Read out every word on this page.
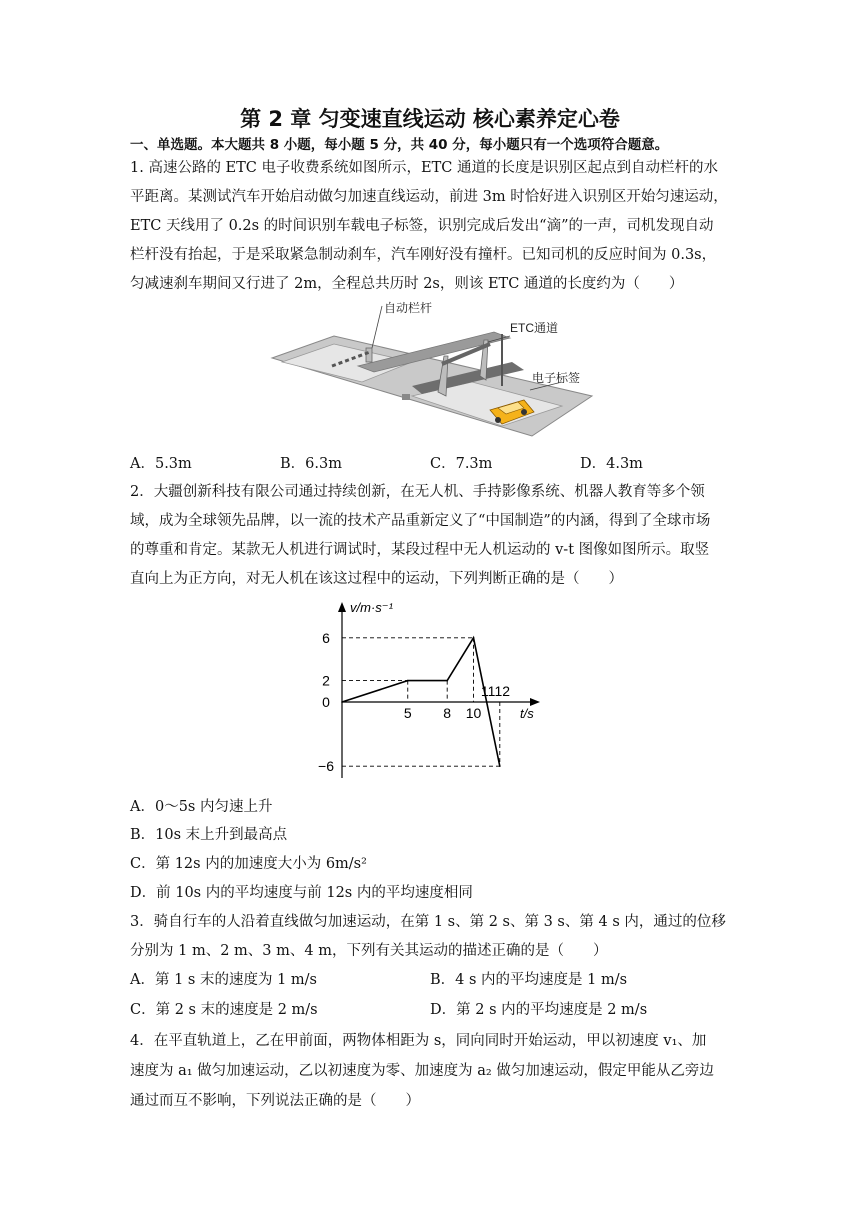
第 2 章 匀变速直线运动 核心素养定心卷
一、单选题。本大题共 8 小题，每小题 5 分，共 40 分，每小题只有一个选项符合题意。
1. 高速公路的 ETC 电子收费系统如图所示，ETC 通道的长度是识别区起点到自动栏杆的水
平距离。某测试汽车开始启动做匀加速直线运动，前进 3m 时恰好进入识别区开始匀速运动，
ETC 天线用了 0.2s 的时间识别车载电子标签，识别完成后发出“滴”的一声，司机发现自动
栏杆没有抬起，于是采取紧急制动刹车，汽车刚好没有撞杆。已知司机的反应时间为 0.3s，
匀减速刹车期间又行进了 2m，全程总共历时 2s，则该 ETC 通道的长度约为（　　）
自动栏杆
ETC通道
电子标签
A．5.3m	B．6.3m	C．7.3m	D．4.3m
2．大疆创新科技有限公司通过持续创新，在无人机、手持影像系统、机器人教育等多个领
域，成为全球领先品牌，以一流的技术产品重新定义了“中国制造”的内涵，得到了全球市场
的尊重和肯定。某款无人机进行调试时，某段过程中无人机运动的 v-t 图像如图所示。取竖
直向上为正方向，对无人机在该这过程中的运动，下列判断正确的是（　　）
v/m·s⁻¹
t/s
6
2
0
−6
5 8 10
11 12
A．0～5s 内匀速上升
B．10s 末上升到最高点
C．第 12s 内的加速度大小为 6m/s²
D．前 10s 内的平均速度与前 12s 内的平均速度相同
3．骑自行车的人沿着直线做匀加速运动，在第 1 s、第 2 s、第 3 s、第 4 s 内，通过的位移
分别为 1 m、2 m、3 m、4 m，下列有关其运动的描述正确的是（　　）
A．第 1 s 末的速度为 1 m/s	B．4 s 内的平均速度是 1 m/s
C．第 2 s 末的速度是 2 m/s	D．第 2 s 内的平均速度是 2 m/s
4．在平直轨道上，乙在甲前面，两物体相距为 s，同向同时开始运动，甲以初速度 v₁、加
速度为 a₁ 做匀加速运动，乙以初速度为零、加速度为 a₂ 做匀加速运动，假定甲能从乙旁边
通过而互不影响，下列说法正确的是（　　）
